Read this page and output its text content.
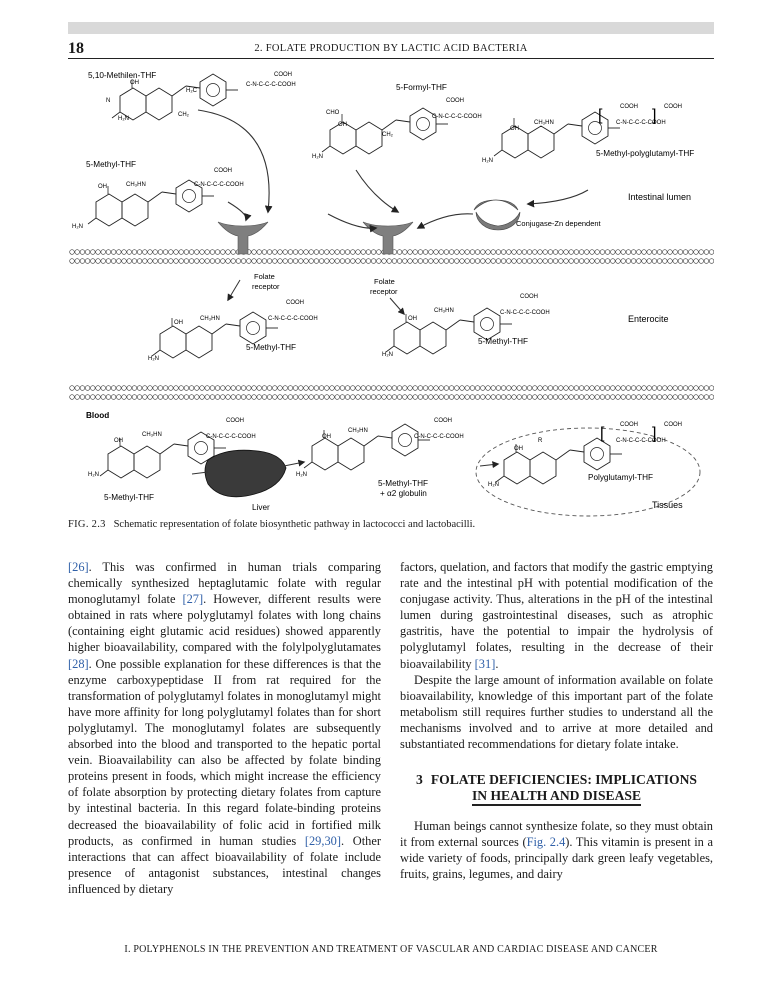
18	2. FOLATE PRODUCTION BY LACTIC ACID BACTERIA
N
H₂N
OH
H₂C
CH₂
COOH
C-N-C-C-C-COOH
5,10-Methilen-THF
CHO
OH
H₂N
CH₂
COOH
C-N-C-C-C-COOH
5-Formyl-THF
OH
H₂N
CH₃HN
COOH	COOH
C-N-C-C-C-COOH
[	]
5-Methyl-polyglutamyl-THF
OH
H₂N
CH₃HN
COOH
C-N-C-C-C-COOH
5-Methyl-THF
Intestinal lumen
Conjugase-Zn dependent
Folate
receptor
Folate
receptor
OH
H₂N
CH₃HN
COOH
C-N-C-C-C-COOH
5-Methyl-THF
OH
H₂N
CH₃HN
COOH
C-N-C-C-C-COOH
5-Methyl-THF
Enterocite
Blood
OH
H₂N
CH₃HN
COOH
C-N-C-C-C-COOH
5-Methyl-THF
Liver
OH
H₂N
CH₃HN
COOH
C-N-C-C-C-COOH
5-Methyl-THF
+ α2 globulin
OH
H₂N
R
COOH	COOH
C-N-C-C-C-COOH
[	]
Polyglutamyl-THF
Tissues
FIG. 2.3 Schematic representation of folate biosynthetic pathway in lactococci and lactobacilli.

[26]. This was confirmed in human trials comparing chemically synthesized heptaglutamic folate with regular monoglutamyl folate [27]. However, different results were obtained in rats where polyglutamyl folates with long chains (containing eight glutamic acid residues) showed apparently higher bioavailability, compared with the folylpolyglutamates [28]. One possible explanation for these differences is that the enzyme carboxypeptidase II from rat required for the transformation of polyglutamyl folates in monoglutamyl might have more affinity for long polyglutamyl folates than for short polyglutamyl. The monoglutamyl folates are subsequently absorbed into the blood and transported to the hepatic portal vein. Bioavailability can also be affected by folate binding proteins present in foods, which might increase the efficiency of folate absorption by protecting dietary folates from capture by intestinal bacteria. In this regard folate-binding proteins decreased the bioavailability of folic acid in fortified milk products, as confirmed in human studies [29,30]. Other interactions that can affect bioavailability of folate include presence of antagonist substances, intestinal changes influenced by dietary

factors, quelation, and factors that modify the gastric emptying rate and the intestinal pH with potential modification of the conjugase activity. Thus, alterations in the pH of the intestinal lumen during gastrointestinal diseases, such as atrophic gastritis, have the potential to impair the hydrolysis of polyglutamyl folates, resulting in the decrease of their bioavailability [31].

Despite the large amount of information available on folate bioavailability, knowledge of this important part of the folate metabolism still requires further studies to understand all the mechanisms involved and to arrive at more detailed and substantiated recommendations for dietary folate intake.

3 FOLATE DEFICIENCIES: IMPLICATIONS
IN HEALTH AND DISEASE

Human beings cannot synthesize folate, so they must obtain it from external sources (Fig. 2.4). This vitamin is present in a wide variety of foods, principally dark green leafy vegetables, fruits, grains, legumes, and dairy

I. POLYPHENOLS IN THE PREVENTION AND TREATMENT OF VASCULAR AND CARDIAC DISEASE AND CANCER
